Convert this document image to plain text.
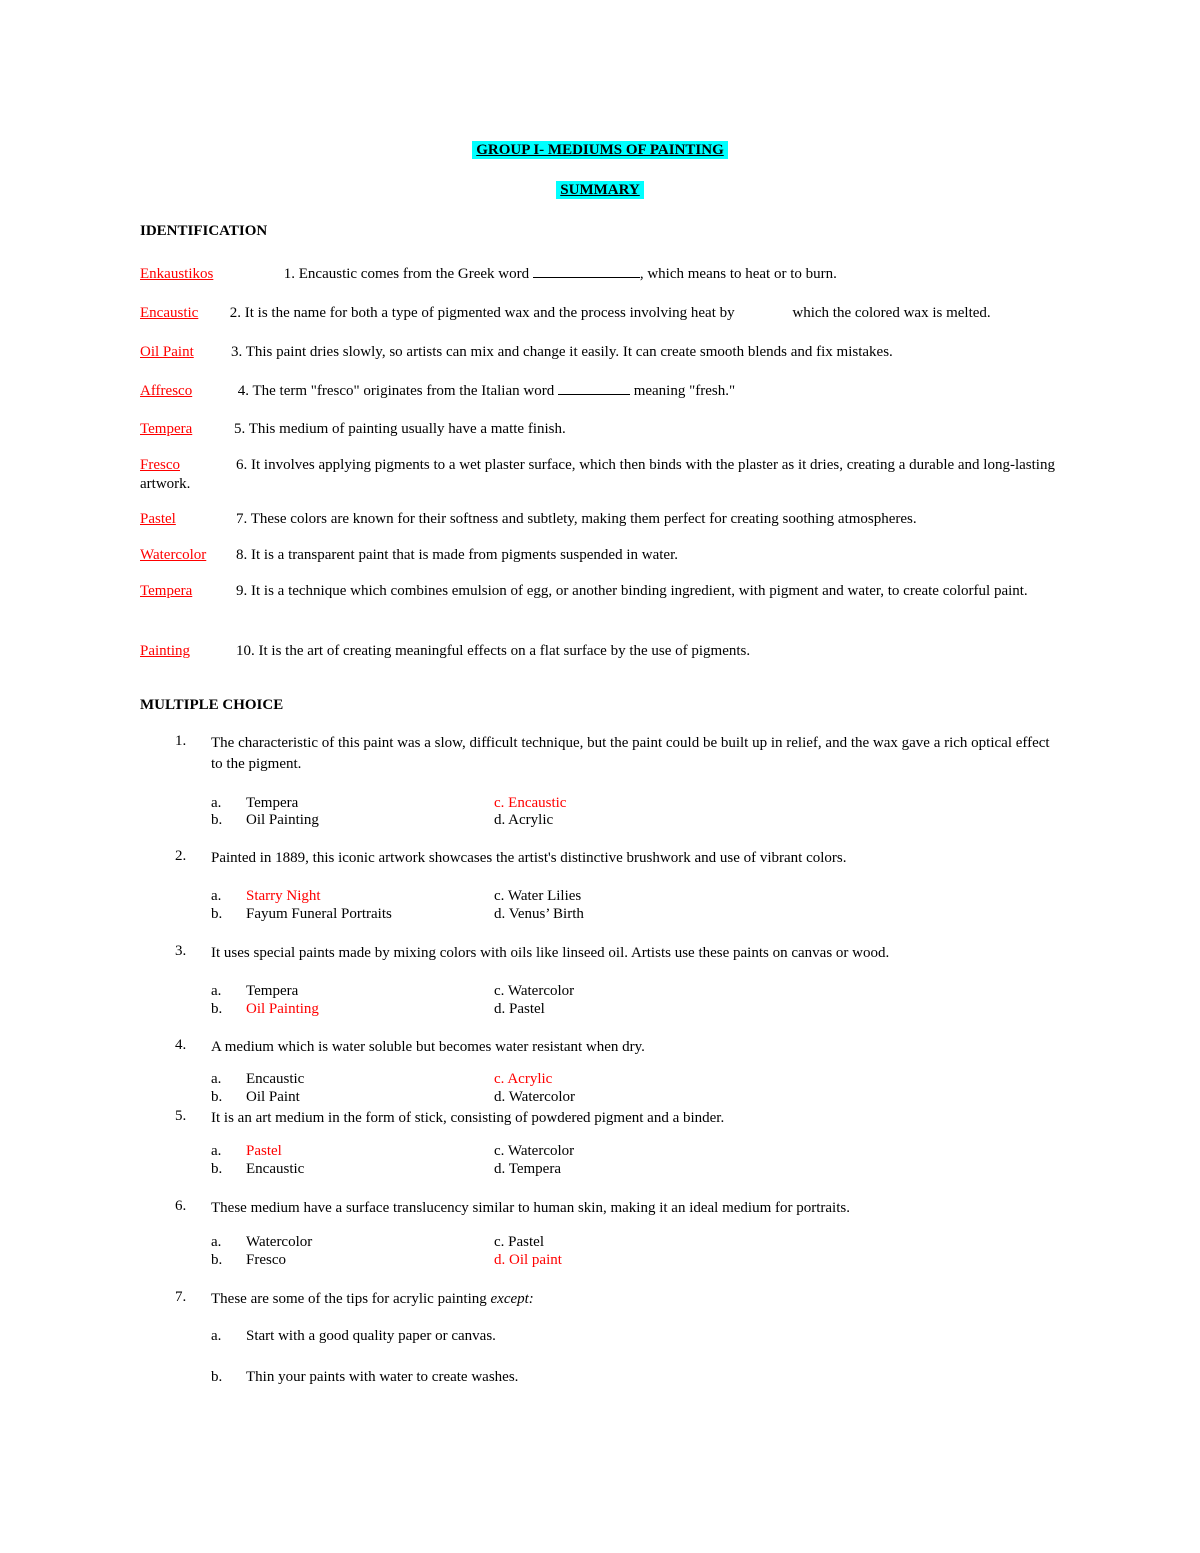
GROUP I- MEDIUMS OF PAINTING
SUMMARY
IDENTIFICATION
Enkaustikos	1. Encaustic comes from the Greek word	, which means to heat or to burn.
Encaustic 2. It is the name for both a type of pigmented wax and the process involving heat by	which the colored wax is melted.
Oil Paint 3. This paint dries slowly, so artists can mix and change it easily. It can create smooth blends and fix mistakes.
Affresco	4. The term "fresco" originates from the Italian word	meaning "fresh."
Tempera	5. This medium of painting usually have a matte finish.
Fresco	6. It involves applying pigments to a wet plaster surface, which then binds with the plaster as it dries, creating a durable and long-lasting artwork.
Pastel	7. These colors are known for their softness and subtlety, making them perfect for creating soothing atmospheres.
Watercolor 8. It is a transparent paint that is made from pigments suspended in water.
Tempera	9. It is a technique which combines emulsion of egg, or another binding ingredient, with pigment and water, to create colorful paint.
Painting	10. It is the art of creating meaningful effects on a flat surface by the use of pigments.
MULTIPLE CHOICE
1. The characteristic of this paint was a slow, difficult technique, but the paint could be built up in relief, and the wax gave a rich optical effect to the pigment.
a. Tempera	c. Encaustic
b. Oil Painting	d. Acrylic
2. Painted in 1889, this iconic artwork showcases the artist's distinctive brushwork and use of vibrant colors.
a. Starry Night	c. Water Lilies
b. Fayum Funeral Portraits	d. Venus’ Birth
3. It uses special paints made by mixing colors with oils like linseed oil. Artists use these paints on canvas or wood.
a. Tempera	c. Watercolor
b. Oil Painting	d. Pastel
4. A medium which is water soluble but becomes water resistant when dry.
a. Encaustic	c. Acrylic
b. Oil Paint	d. Watercolor
5. It is an art medium in the form of stick, consisting of powdered pigment and a binder.
a. Pastel	c. Watercolor
b. Encaustic	d. Tempera
6. These medium have a surface translucency similar to human skin, making it an ideal medium for portraits.
a. Watercolor	c. Pastel
b. Fresco	d. Oil paint
7. These are some of the tips for acrylic painting except:
a. Start with a good quality paper or canvas.
b. Thin your paints with water to create washes.
